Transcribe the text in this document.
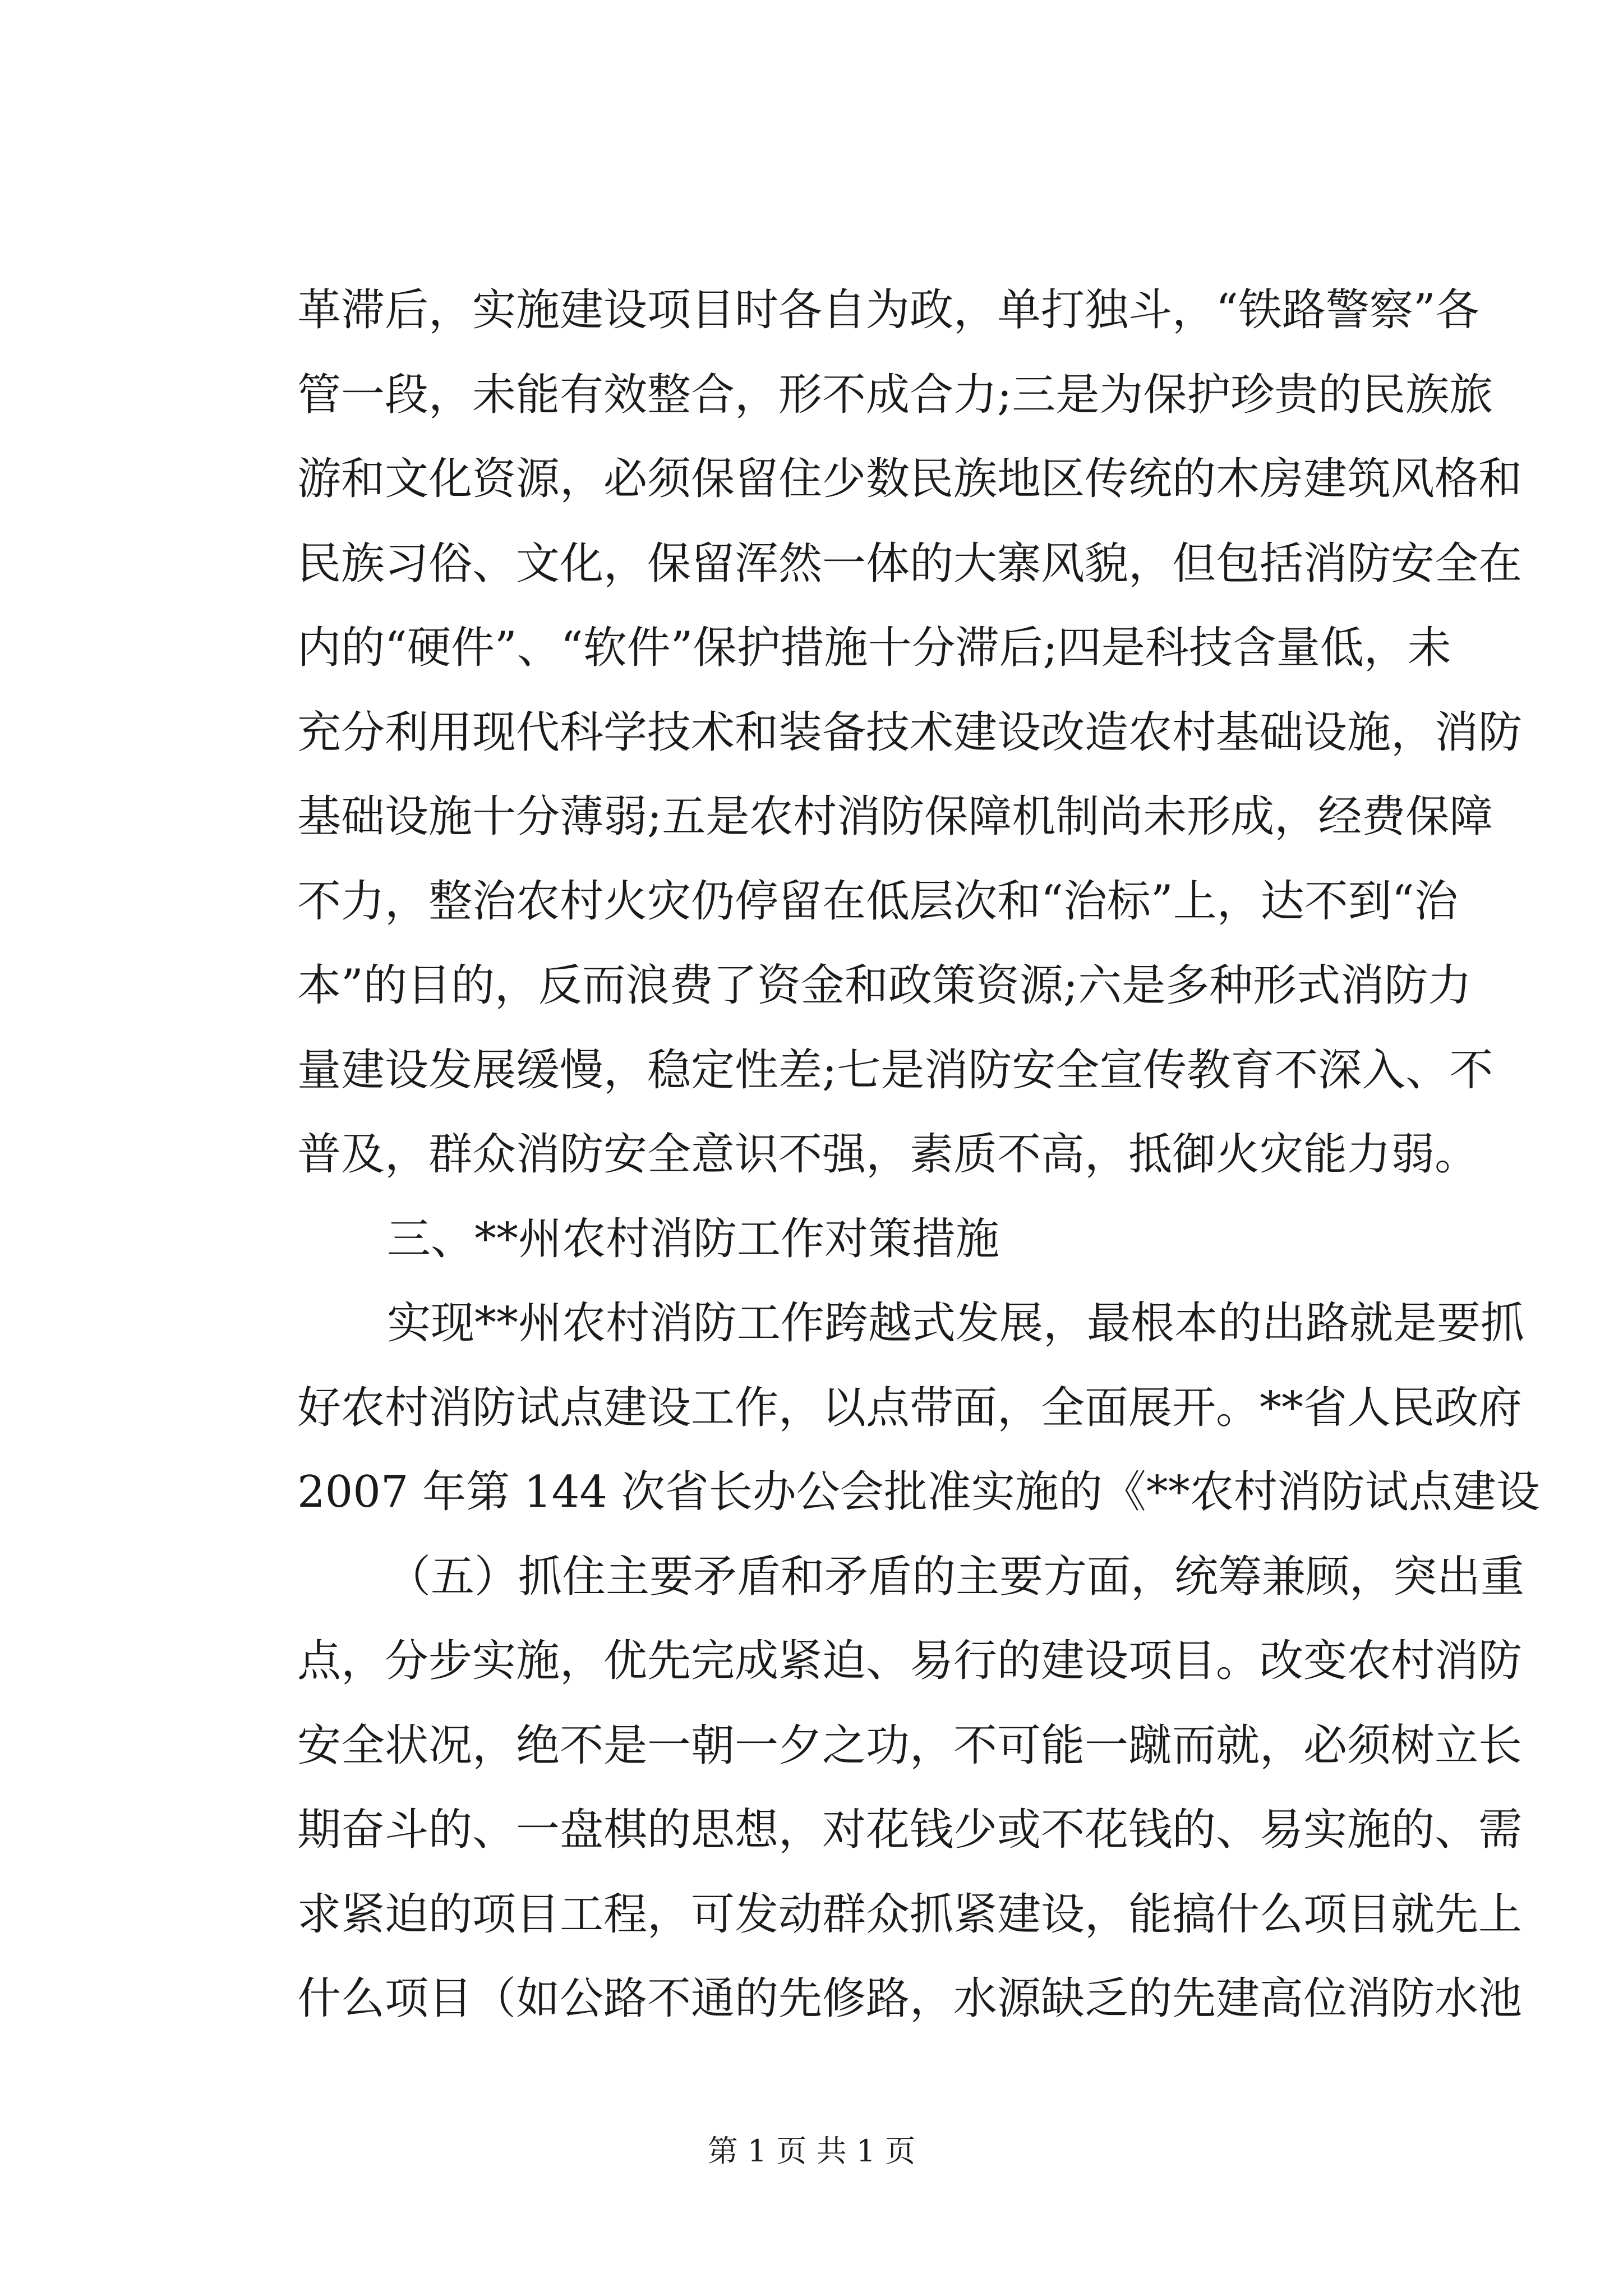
革滞后，实施建设项目时各自为政，单打独斗，“铁路警察”各
管一段，未能有效整合，形不成合力;三是为保护珍贵的民族旅
游和文化资源，必须保留住少数民族地区传统的木房建筑风格和
民族习俗、文化，保留浑然一体的大寨风貌，但包括消防安全在
内的“硬件”、“软件”保护措施十分滞后;四是科技含量低，未
充分利用现代科学技术和装备技术建设改造农村基础设施，消防
基础设施十分薄弱;五是农村消防保障机制尚未形成，经费保障
不力，整治农村火灾仍停留在低层次和“治标”上，达不到“治
本”的目的，反而浪费了资金和政策资源;六是多种形式消防力
量建设发展缓慢，稳定性差;七是消防安全宣传教育不深入、不
普及，群众消防安全意识不强，素质不高，抵御火灾能力弱。
三、**州农村消防工作对策措施
实现**州农村消防工作跨越式发展，最根本的出路就是要抓
好农村消防试点建设工作，以点带面，全面展开。**省人民政府
2007 年第 144 次省长办公会批准实施的《**农村消防试点建设
（五）抓住主要矛盾和矛盾的主要方面，统筹兼顾，突出重
点，分步实施，优先完成紧迫、易行的建设项目。改变农村消防
安全状况，绝不是一朝一夕之功，不可能一蹴而就，必须树立长
期奋斗的、一盘棋的思想，对花钱少或不花钱的、易实施的、需
求紧迫的项目工程，可发动群众抓紧建设，能搞什么项目就先上
什么项目（如公路不通的先修路，水源缺乏的先建高位消防水池
第 1 页 共 1 页
